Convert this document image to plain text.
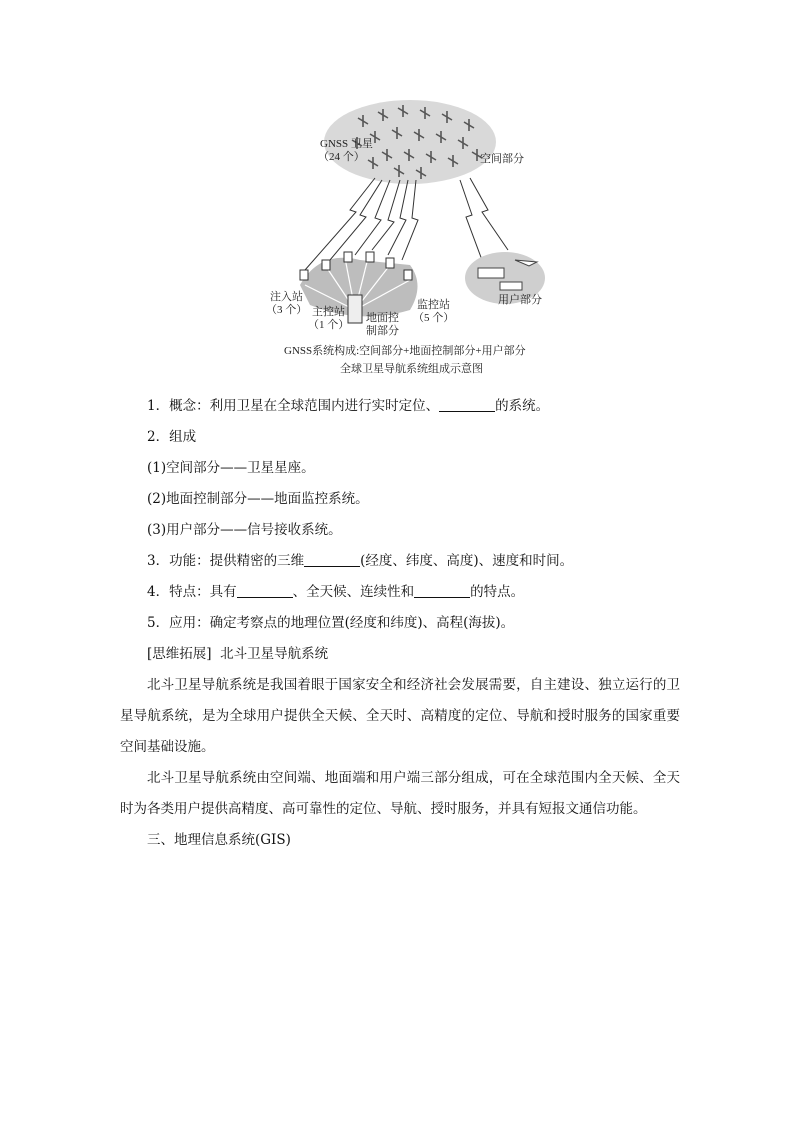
GNSS 卫星
（24 个）	空间部分
注入站
（3 个） 主控站
（1 个）
地面控
制部分
监控站
（5 个）
用户部分
GNSS系统构成:空间部分+地面控制部分+用户部分
全球卫星导航系统组成示意图
1．概念：利用卫星在全球范围内进行实时定位、	的系统。
2．组成
(1)空间部分——卫星星座。
(2)地面控制部分——地面监控系统。
(3)用户部分——信号接收系统。
3．功能：提供精密的三维	(经度、纬度、高度)、速度和时间。
4．特点：具有	、全天候、连续性和	的特点。
5．应用：确定考察点的地理位置(经度和纬度)、高程(海拔)。
[思维拓展] 北斗卫星导航系统
北斗卫星导航系统是我国着眼于国家安全和经济社会发展需要，自主建设、独立运行的卫星导航系统，是为全球用户提供全天候、全天时、高精度的定位、导航和授时服务的国家重要空间基础设施。
北斗卫星导航系统由空间端、地面端和用户端三部分组成，可在全球范围内全天候、全天时为各类用户提供高精度、高可靠性的定位、导航、授时服务，并具有短报文通信功能。
三、地理信息系统(GIS)
